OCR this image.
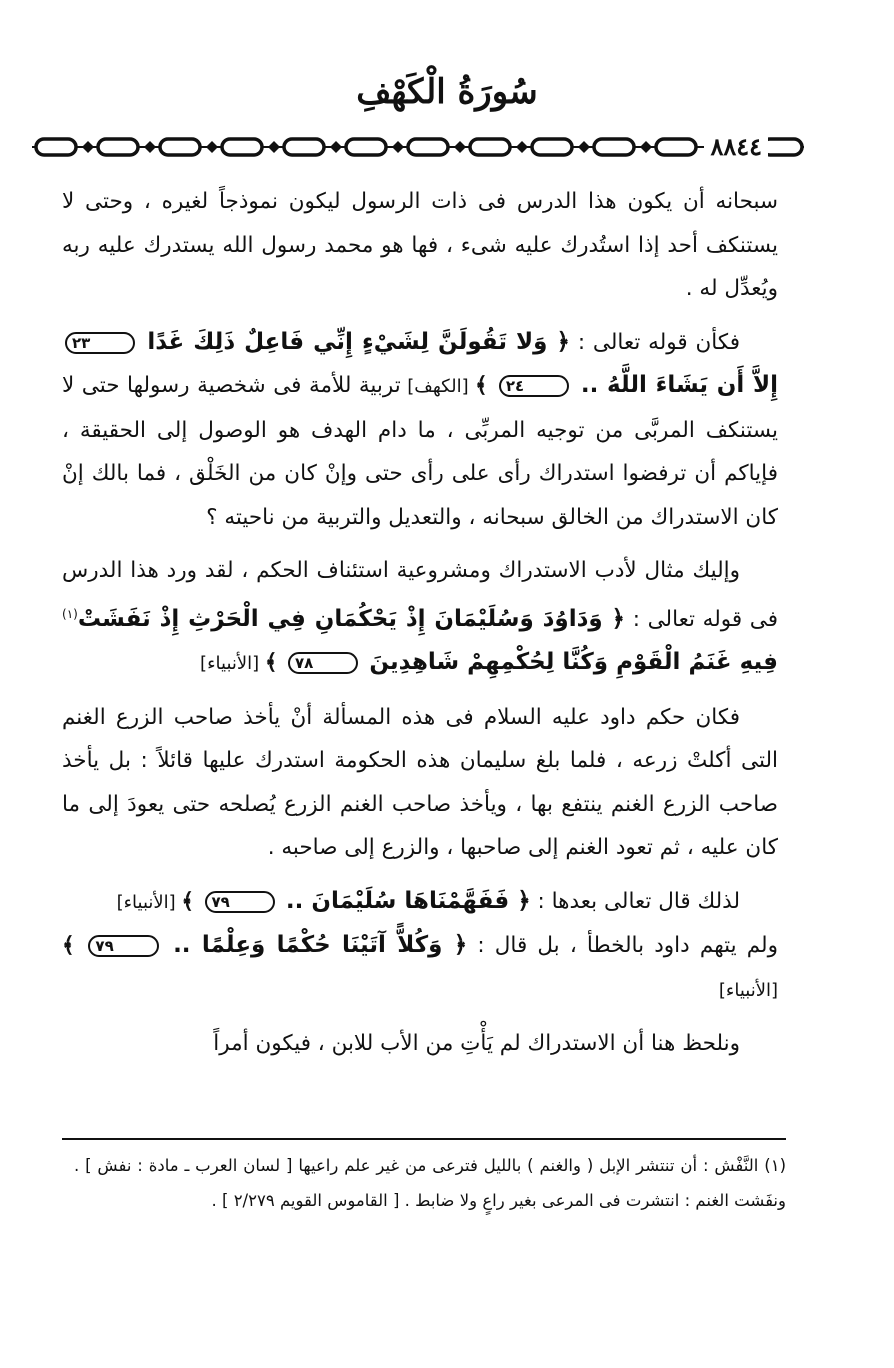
سُورَةُ الْكَهْفِ
٨٨٤٤

سبحانه أن يكون هذا الدرس فى ذات الرسول ليكون نموذجاً لغيره ، وحتى لا يستنكف أحد إذا استُدرك عليه شىء ، فها هو محمد رسول الله يستدرك عليه ربه ويُعدِّل له .

فكأن قوله تعالى : ﴿ وَلا تَقُولَنَّ لِشَيْءٍ إِنِّي فَاعِلٌ ذَلِكَ غَدًا ٢٣ إِلاَّ أَن يَشَاءَ اللَّهُ .. ٢٤ ﴾ [الكهف] تربية للأمة فى شخصية رسولها حتى لا يستنكف المربَّى من توجيه المربِّى ، ما دام الهدف هو الوصول إلى الحقيقة ، فإياكم أن ترفضوا استدراك رأى على رأى حتى وإنْ كان من الخَلْق ، فما بالك إنْ كان الاستدراك من الخالق سبحانه ، والتعديل والتربية من ناحيته ؟

وإليك مثال لأدب الاستدراك ومشروعية استئناف الحكم ، لقد ورد هذا الدرس فى قوله تعالى : ﴿ وَدَاوُدَ وَسُلَيْمَانَ إِذْ يَحْكُمَانِ فِي الْحَرْثِ إِذْ نَفَشَتْ$^{(١)}$ فِيهِ غَنَمُ الْقَوْمِ وَكُنَّا لِحُكْمِهِمْ شَاهِدِينَ ٧٨ ﴾ [الأنبياء]

فكان حكم داود عليه السلام فى هذه المسألة أنْ يأخذ صاحب الزرع الغنم التى أكلتْ زرعه ، فلما بلغ سليمان هذه الحكومة استدرك عليها قائلاً : بل يأخذ صاحب الزرع الغنم ينتفع بها ، ويأخذ صاحب الغنم الزرع يُصلحه حتى يعودَ إلى ما كان عليه ، ثم تعود الغنم إلى صاحبها ، والزرع إلى صاحبه .

لذلك قال تعالى بعدها : ﴿ فَفَهَّمْنَاهَا سُلَيْمَانَ .. ٧٩ ﴾ [الأنبياء]
ولم يتهم داود بالخطأ ، بل قال : ﴿ وَكُلاًّ آتَيْنَا حُكْمًا وَعِلْمًا .. ٧٩ ﴾[الأنبياء]

ونلحظ هنا أن الاستدراك لم يَأْتِ من الأب للابن ، فيكون أمراً

(١) النَّفْش : أن تنتشر الإبل ( والغنم ) بالليل فترعى من غير علم راعيها [ لسان العرب ـ مادة : نفش ] . ونفَشت الغنم : انتشرت فى المرعى بغير راعٍ ولا ضابط . [ القاموس القويم ٢/٢٧٩ ] .
